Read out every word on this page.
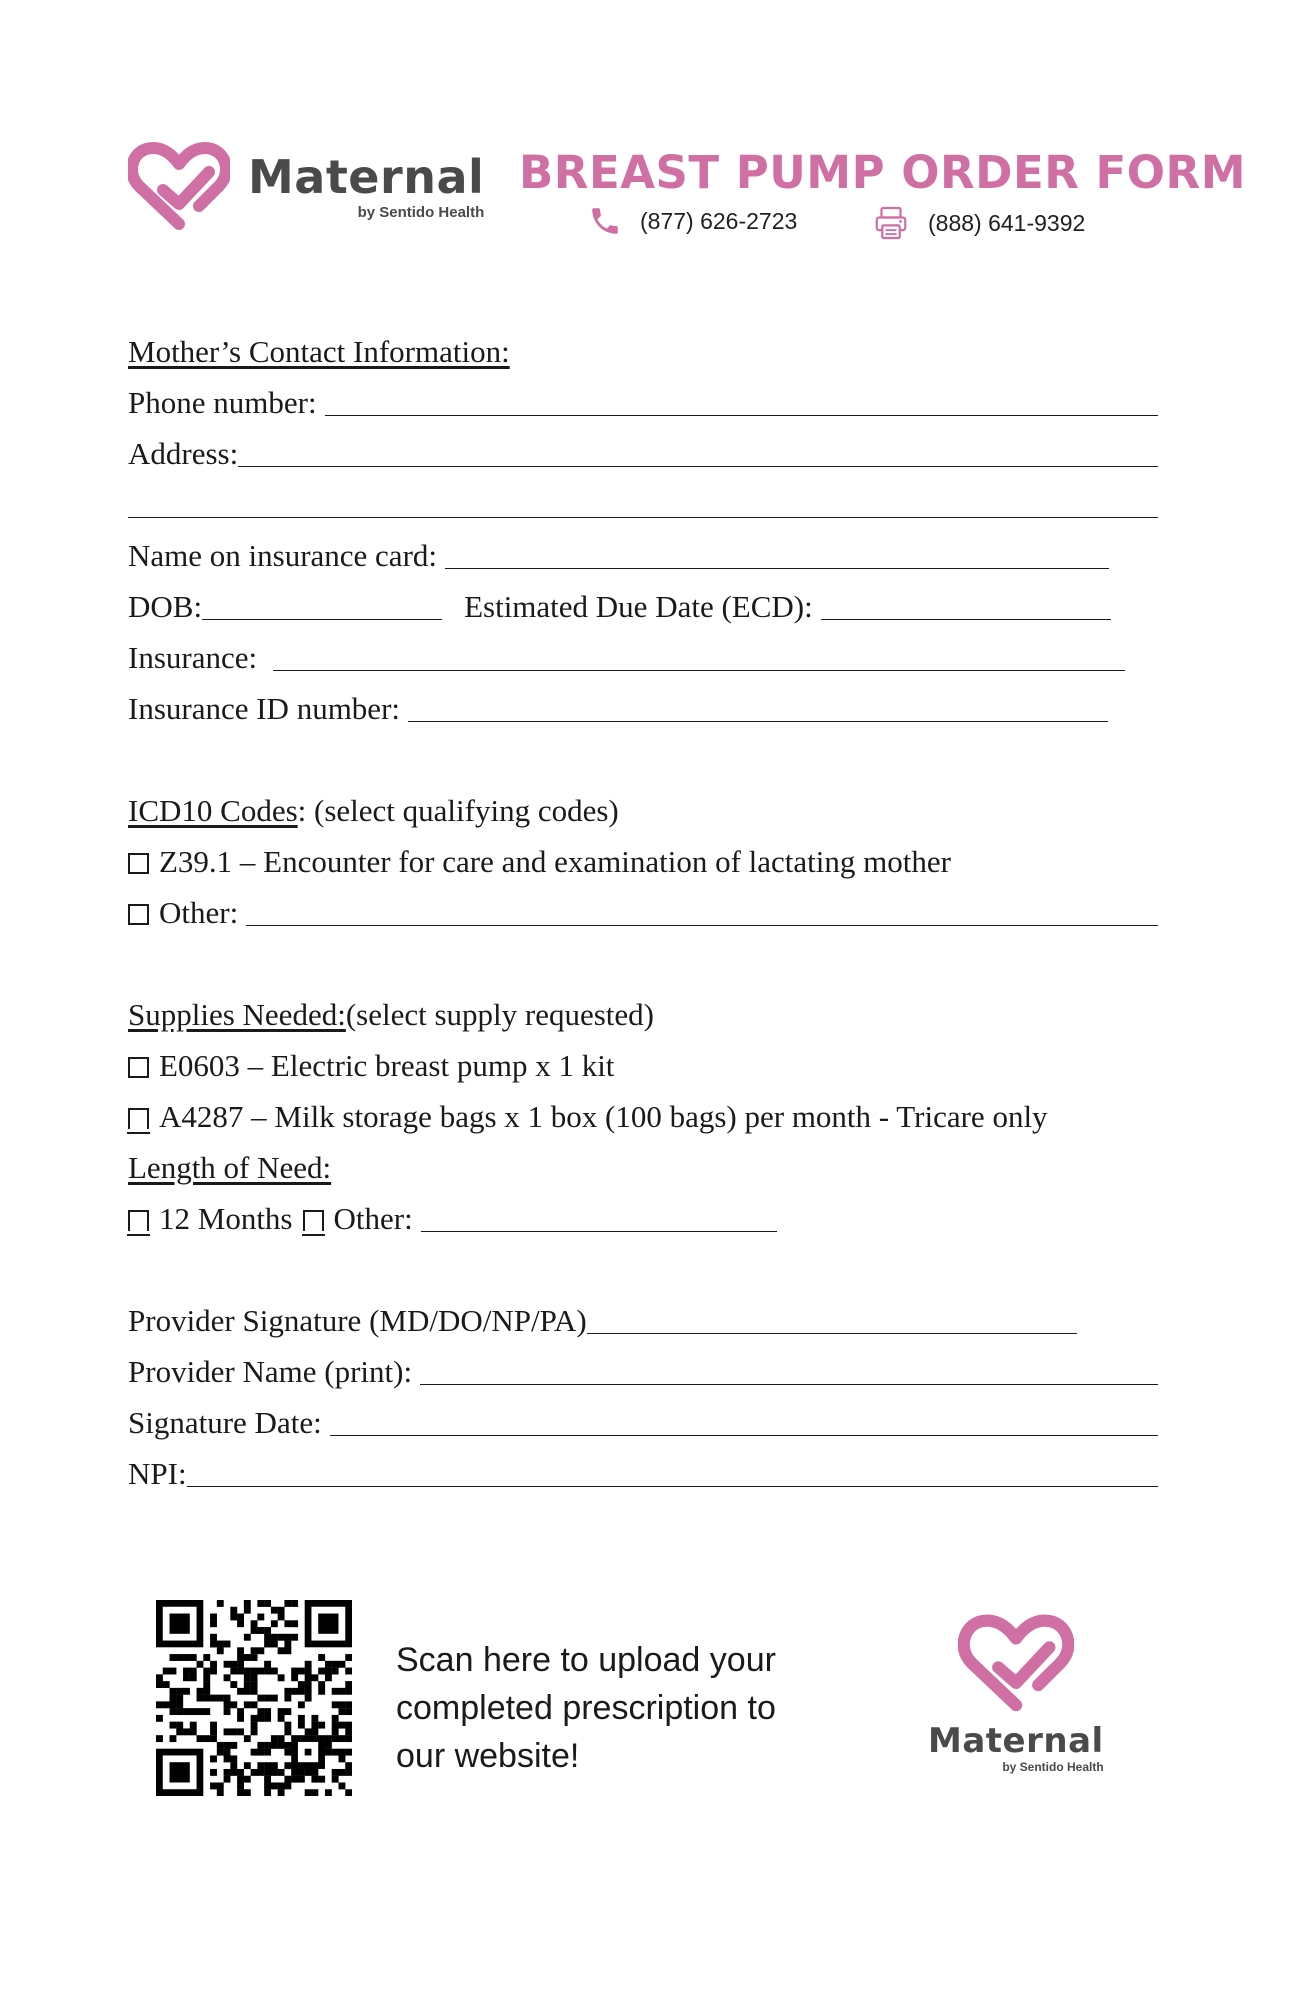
Maternal
by Sentido Health
BREAST PUMP ORDER FORM
(877) 626-2723	(888) 641-9392
Mother’s Contact Information:
Phone number:
Address:
Name on insurance card:
DOB:	Estimated Due Date (ECD):
Insurance:
Insurance ID number:
ICD10 Codes : (select qualifying codes)
Z39.1 – Encounter for care and examination of lactating mother
Other:
Supplies Needed: (select supply requested)
E0603 – Electric breast pump x 1 kit
A4287 – Milk storage bags x 1 box (100 bags) per month - Tricare only
Length of Need:
12 Months Other:
Provider Signature (MD/DO/NP/PA)
Provider Name (print):
Signature Date:
NPI:
Scan here to upload your
completed prescription to
our website!	Maternal
by Sentido Health
